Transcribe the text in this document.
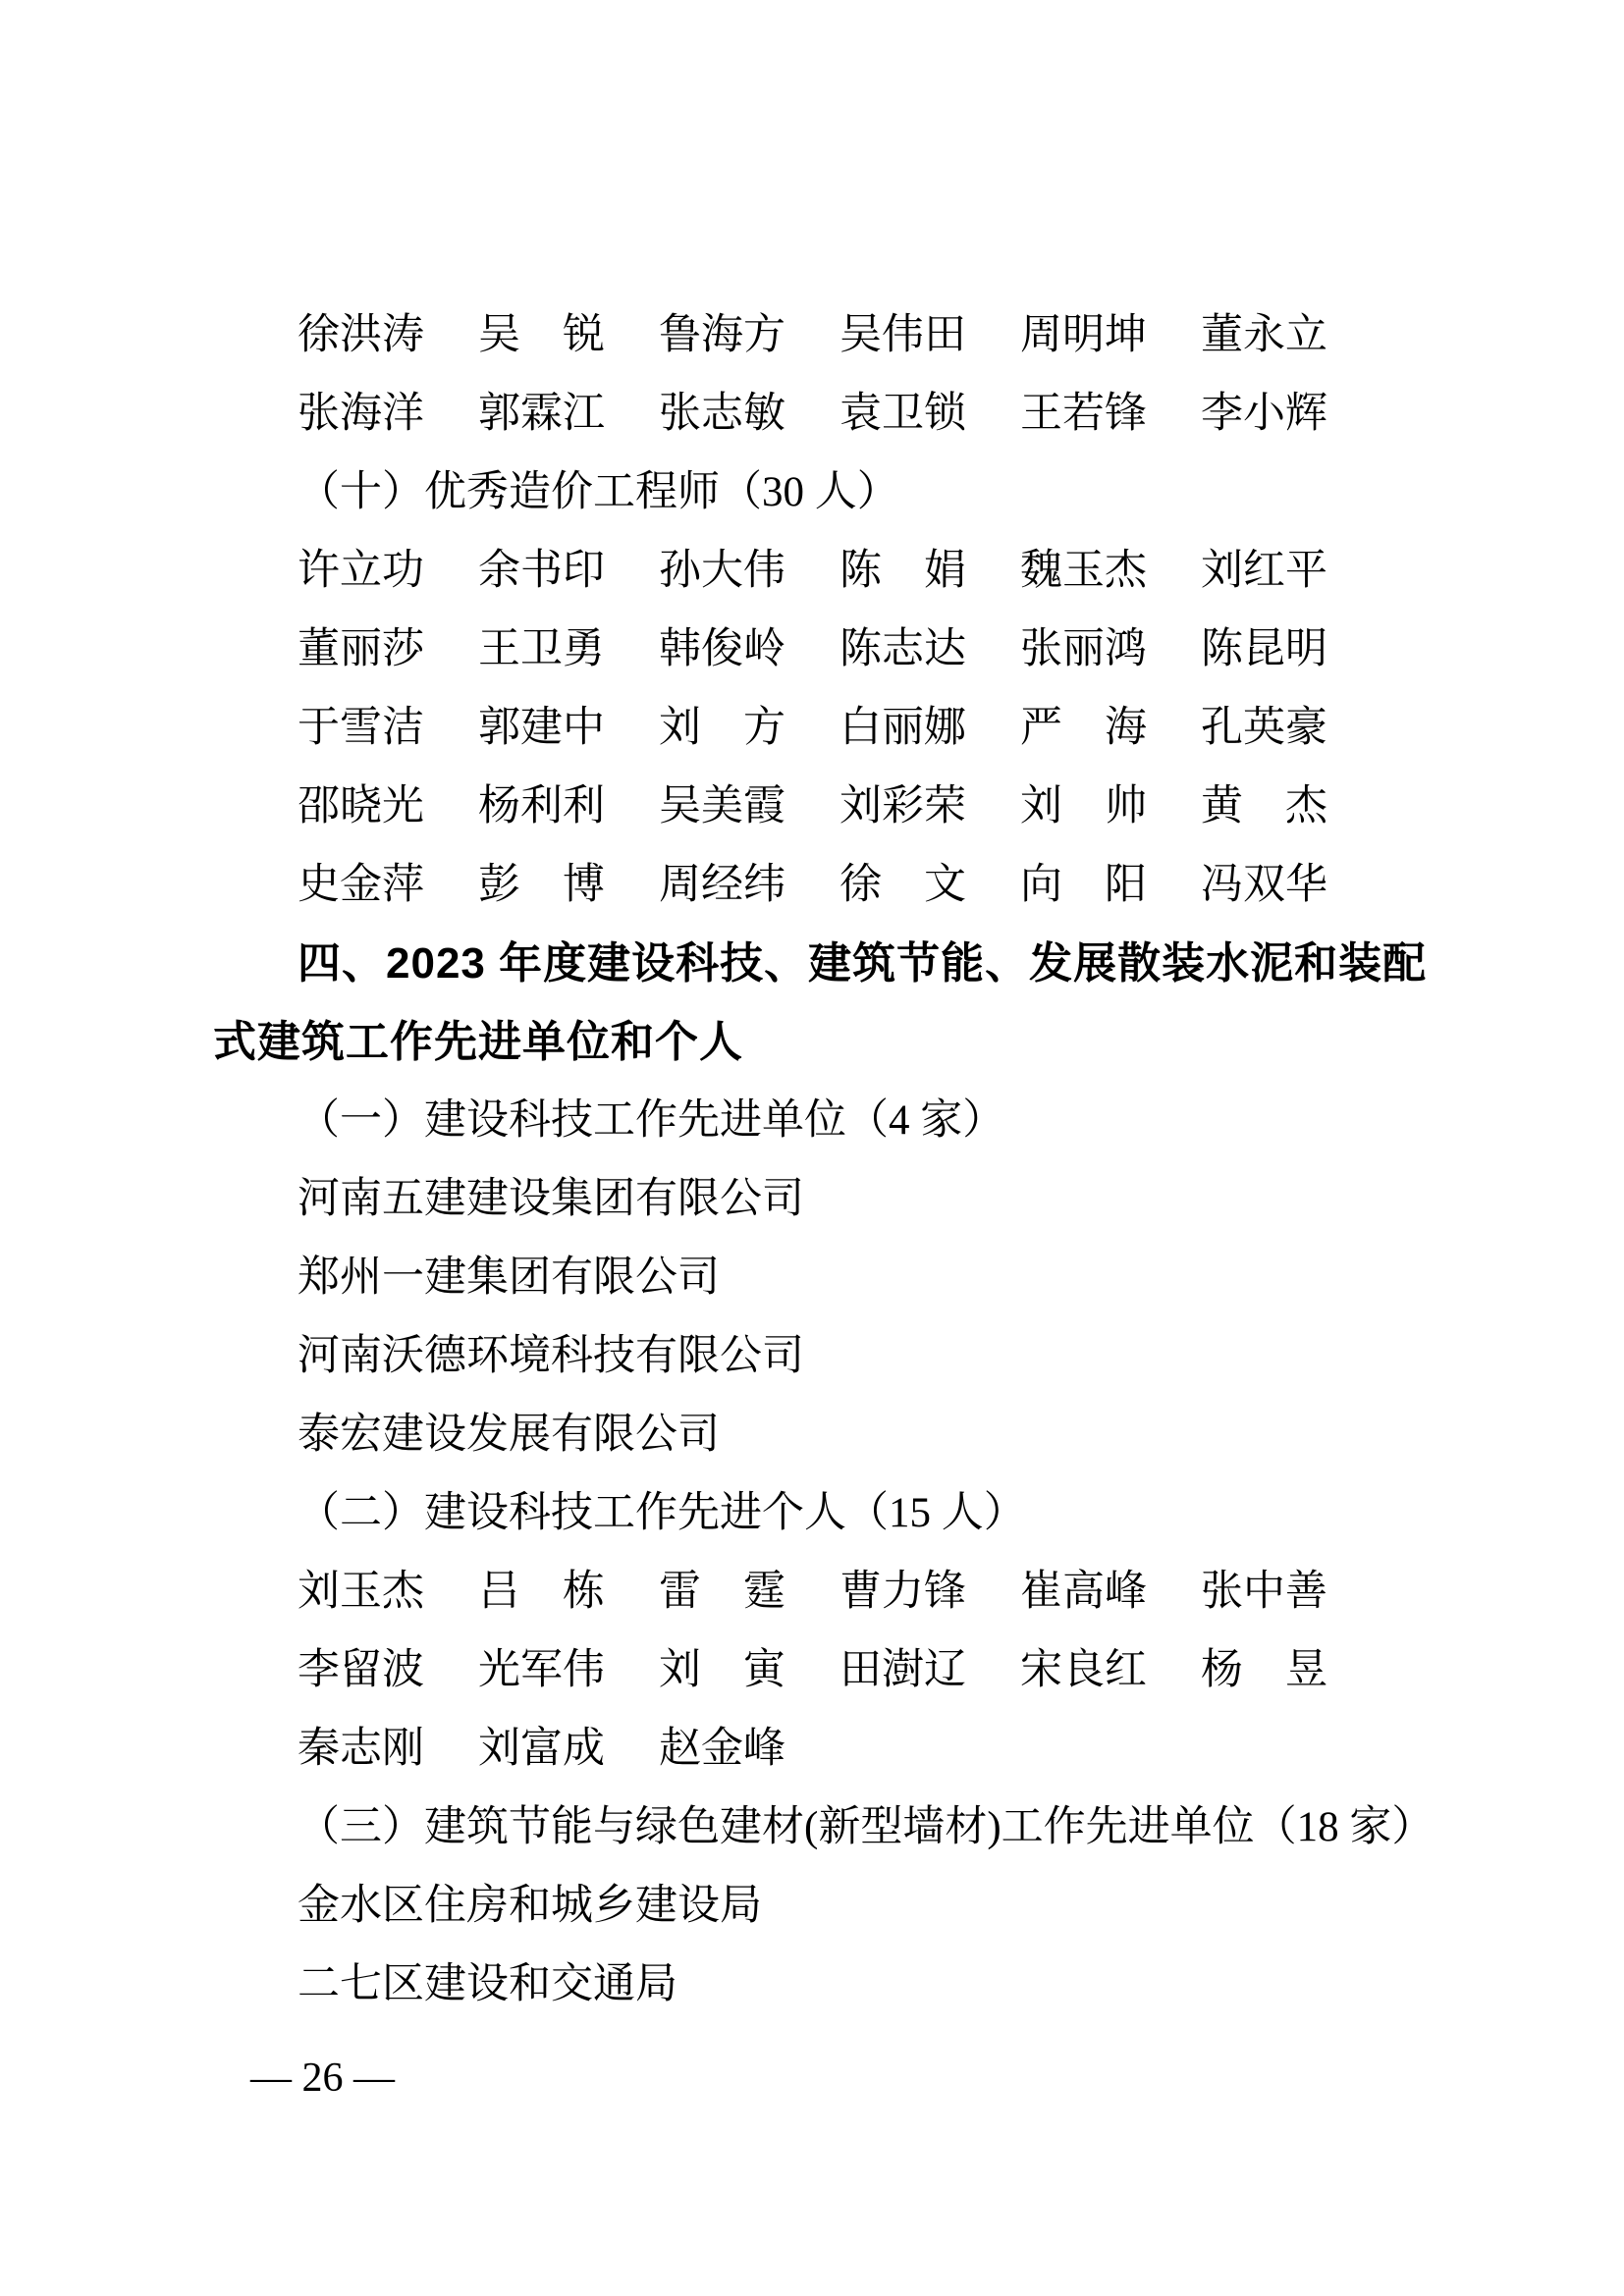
徐洪涛 吴　锐 鲁海方 吴伟田 周明坤 董永立
张海洋 郭霖江 张志敏 袁卫锁 王若锋 李小辉
（十）优秀造价工程师（30 人）
许立功 余书印 孙大伟 陈　娟 魏玉杰 刘红平
董丽莎 王卫勇 韩俊岭 陈志达 张丽鸿 陈昆明
于雪洁 郭建中 刘　方 白丽娜 严　海 孔英豪
邵晓光 杨利利 吴美霞 刘彩荣 刘　帅 黄　杰
史金萍 彭　博 周经纬 徐　文 向　阳 冯双华
四、2023 年度建设科技、建筑节能、发展散装水泥和装配
式建筑工作先进单位和个人
（一）建设科技工作先进单位（4 家）
河南五建建设集团有限公司
郑州一建集团有限公司
河南沃德环境科技有限公司
泰宏建设发展有限公司
（二）建设科技工作先进个人（15 人）
刘玉杰 吕　栋 雷　霆 曹力锋 崔高峰 张中善
李留波 光军伟 刘　寅 田澍辽 宋良红 杨　昱
秦志刚 刘富成 赵金峰
（三）建筑节能与绿色建材(新型墙材)工作先进单位（18 家）
金水区住房和城乡建设局
二七区建设和交通局
— 26 —
